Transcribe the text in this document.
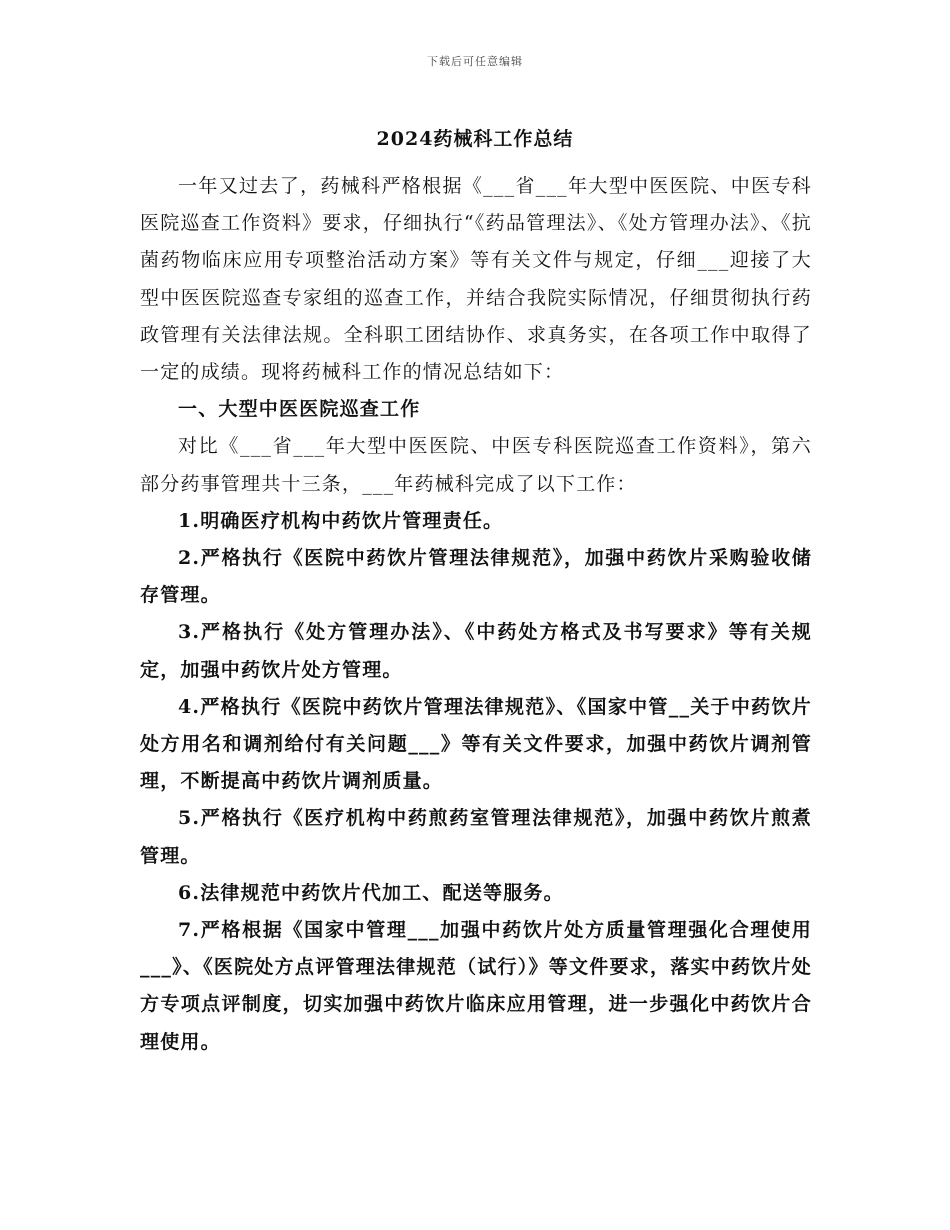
下载后可任意编辑
2024药械科工作总结

一年又过去了，药械科严格根据《___省___年大型中医医院、中医专科医院巡查工作资料》要求，仔细执行“《药品管理法》、《处方管理办法》、《抗菌药物临床应用专项整治活动方案》等有关文件与规定，仔细___迎接了大型中医医院巡查专家组的巡查工作，并结合我院实际情况，仔细贯彻执行药政管理有关法律法规。全科职工团结协作、求真务实，在各项工作中取得了一定的成绩。现将药械科工作的情况总结如下：

一、大型中医医院巡查工作

对比《___省___年大型中医医院、中医专科医院巡查工作资料》，第六部分药事管理共十三条，___年药械科完成了以下工作：

1.明确医疗机构中药饮片管理责任。

2.严格执行《医院中药饮片管理法律规范》，加强中药饮片采购验收储存管理。

3.严格执行《处方管理办法》、《中药处方格式及书写要求》等有关规定，加强中药饮片处方管理。

4.严格执行《医院中药饮片管理法律规范》、《国家中管__关于中药饮片处方用名和调剂给付有关问题___》等有关文件要求，加强中药饮片调剂管理，不断提高中药饮片调剂质量。

5.严格执行《医疗机构中药煎药室管理法律规范》，加强中药饮片煎煮管理。

6.法律规范中药饮片代加工、配送等服务。

7.严格根据《国家中管理___加强中药饮片处方质量管理强化合理使用___》、《医院处方点评管理法律规范（试行）》等文件要求，落实中药饮片处方专项点评制度，切实加强中药饮片临床应用管理，进一步强化中药饮片合理使用。
